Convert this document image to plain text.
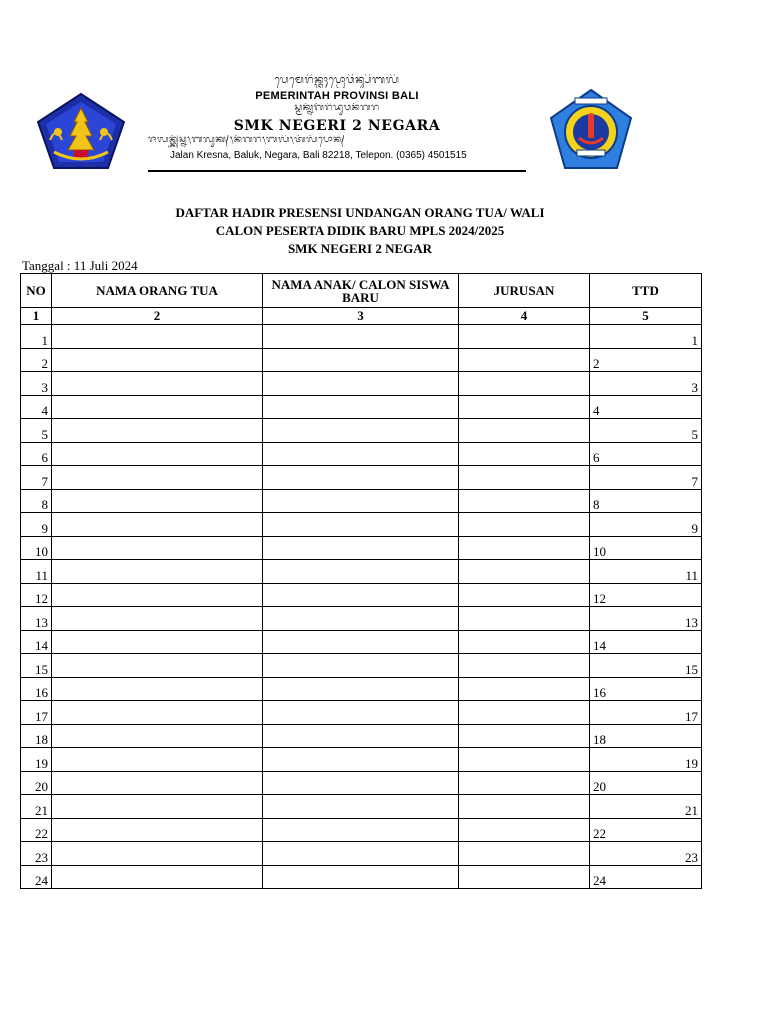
ᬧᬾᬫᬾᬭᬶᬦ᭄ᬢᬄᬧ᭄ᬭᭀᬯᬶᬦ᭄ᬲᬶᬩᬮᬶ
PEMERINTAH PROVINSI BALI
ᬲ᭄ᬫᬓ᭄ᬦᭂᬕᭂᬭᬶᬤᬸᬯᬦᭂᬕᬭ
SMK NEGERI 2 NEGARA
ᬚᬮᬦ᭄ᬓ᭄ᬭᭂᬲ᭄ᬦ᭞ᬩᬮᬸᬓ᭄᭞ᬦᭂᬕᬭ᭞ᬩᬮᬶ᭞ᬢᭂᬮᭂᬧᭀᬦ᭄
Jalan Kresna, Baluk, Negara, Bali 82218, Telepon. (0365) 4501515
DAFTAR HADIR PRESENSI UNDANGAN ORANG TUA/ WALI
CALON PESERTA DIDIK BARU MPLS 2024/2025
SMK NEGERI 2 NEGAR
Tanggal : 11 Juli 2024
NO	NAMA ORANG TUA	NAMA ANAK/ CALON SISWA BARU	JURUSAN	TTD
1	2	3	4	5
1				1
2				2
3				3
4				4
5				5
6				6
7				7
8				8
9				9
10				10
11				11
12				12
13				13
14				14
15				15
16				16
17				17
18				18
19				19
20				20
21				21
22				22
23				23
24				24
